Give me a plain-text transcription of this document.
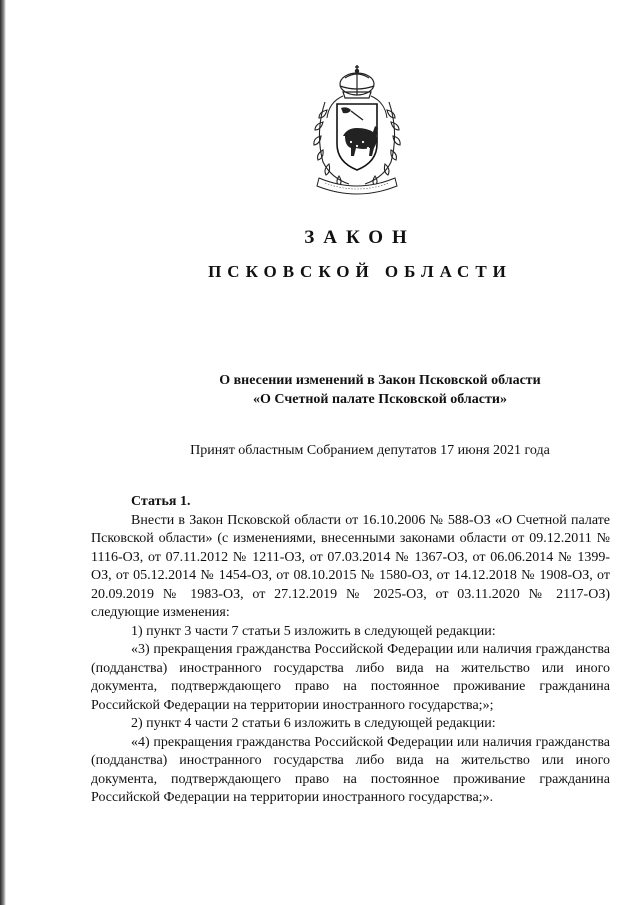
ЗАКОН
ПСКОВСКОЙ ОБЛАСТИ
О внесении изменений в Закон Псковской области
«О Счетной палате Псковской области»
Принят областным Собранием депутатов 17 июня 2021 года

Статья 1.

Внести в Закон Псковской области от 16.10.2006 № 588-ОЗ «О Счетной палате Псковской области» (с изменениями, внесенными законами области от 09.12.2011 № 1116-ОЗ, от 07.11.2012 № 1211-ОЗ, от 07.03.2014 № 1367-ОЗ, от 06.06.2014 № 1399-ОЗ, от 05.12.2014 № 1454-ОЗ, от 08.10.2015 № 1580-ОЗ, от 14.12.2018 № 1908-ОЗ, от 20.09.2019 № 1983-ОЗ, от 27.12.2019 № 2025-ОЗ, от 03.11.2020 № 2117-ОЗ) следующие изменения:

1) пункт 3 части 7 статьи 5 изложить в следующей редакции:

«3) прекращения гражданства Российской Федерации или наличия гражданства (подданства) иностранного государства либо вида на жительство или иного документа, подтверждающего право на постоянное проживание гражданина Российской Федерации на территории иностранного государства;»;

2) пункт 4 части 2 статьи 6 изложить в следующей редакции:

«4) прекращения гражданства Российской Федерации или наличия гражданства (подданства) иностранного государства либо вида на жительство или иного документа, подтверждающего право на постоянное проживание гражданина Российской Федерации на территории иностранного государства;».
